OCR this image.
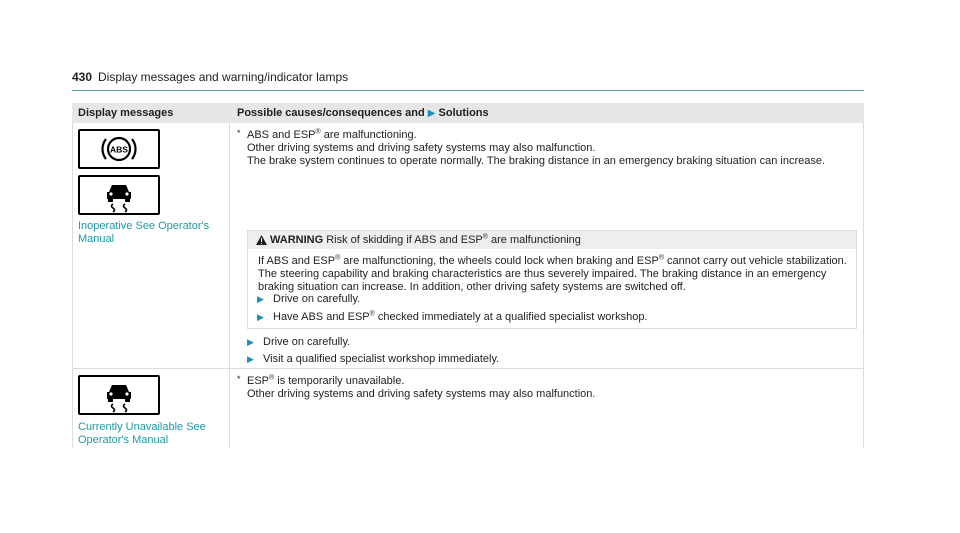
430 Display messages and warning/indicator lamps
Display messages	Possible causes/consequences and ▶ Solutions
ABS
Inoperative See Operator's Manual
* ABS and ESP® are malfunctioning.
Other driving systems and driving safety systems may also malfunction.
The brake system continues to operate normally. The braking distance in an emergency braking situation can increase.
WARNING Risk of skidding if ABS and ESP® are malfunctioning
If ABS and ESP® are malfunctioning, the wheels could lock when braking and ESP® cannot carry out vehicle stabilization.
The steering capability and braking characteristics are thus severely impaired. The braking distance in an emergency braking situation can increase. In addition, other driving safety systems are switched off.
▶ Drive on carefully.
▶ Have ABS and ESP® checked immediately at a qualified specialist workshop.
▶ Drive on carefully.
▶ Visit a qualified specialist workshop immediately.
Currently Unavailable See Operator's Manual
* ESP® is temporarily unavailable.
Other driving systems and driving safety systems may also malfunction.
